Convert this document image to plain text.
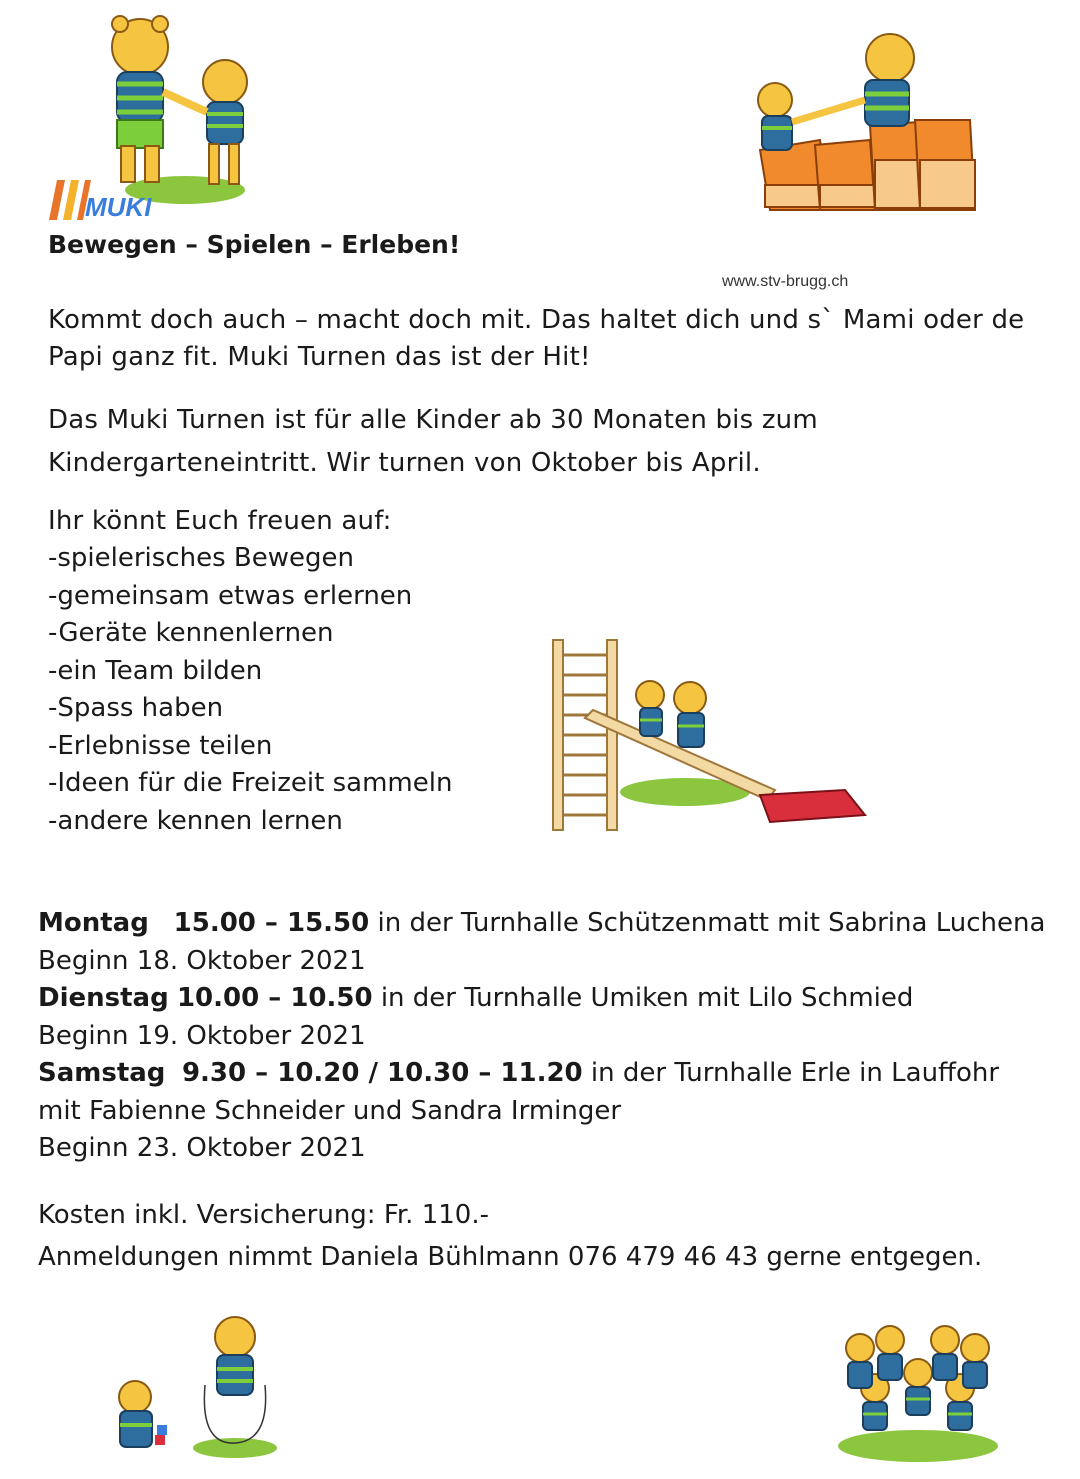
MUKI
Bewegen – Spielen – Erleben!
www.stv-brugg.ch
Kommt doch auch – macht doch mit. Das haltet dich und s` Mami oder de
Papi ganz fit. Muki Turnen das ist der Hit!
Das Muki Turnen ist für alle Kinder ab 30 Monaten bis zum
Kindergarteneintritt. Wir turnen von Oktober bis April.
Ihr könnt Euch freuen auf:
-spielerisches Bewegen
-gemeinsam etwas erlernen
-Geräte kennenlernen
-ein Team bilden
-Spass haben
-Erlebnisse teilen
-Ideen für die Freizeit sammeln
-andere kennen lernen
Montag 15.00 – 15.50 in der Turnhalle Schützenmatt mit Sabrina Luchena
Beginn 18. Oktober 2021
Dienstag 10.00 – 10.50 in der Turnhalle Umiken mit Lilo Schmied
Beginn 19. Oktober 2021
Samstag 9.30 – 10.20 / 10.30 – 11.20 in der Turnhalle Erle in Lauffohr
mit Fabienne Schneider und Sandra Irminger
Beginn 23. Oktober 2021
Kosten inkl. Versicherung: Fr. 110.-
Anmeldungen nimmt Daniela Bühlmann 076 479 46 43 gerne entgegen.
